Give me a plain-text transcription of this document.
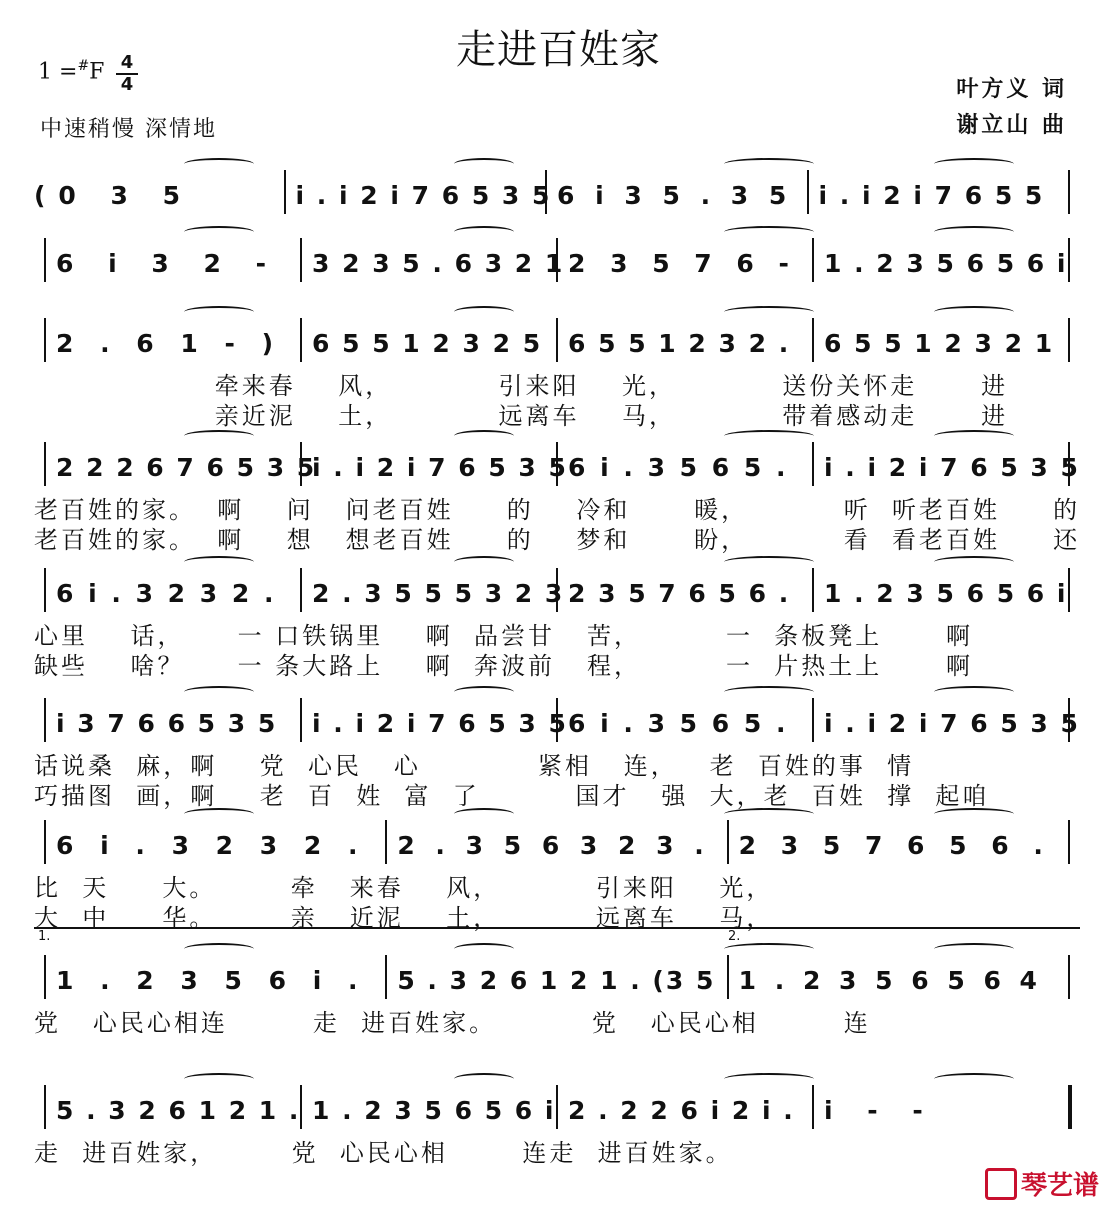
走进百姓家
1 =#F 4
4
中速稍慢 深情地
叶方义 词
谢立山 曲
(0 3 5	i . i 2 i 7 6 5 3 5 6 i 3 5 . 3 5 i . i 2 i 7 6 5 5
6 i 3 2 - 3 2 3 5 . 6 3 2 1 2 3 5 7 6 - 1 . 2 3 5 6 5 6 i
2 . 6 1 - ) 6 5 5 1 2 3 2 5 6 5 5 1 2 3 2 . 6 5 5 1 2 3 2 1
牵来春    风，          引来阳    光，          送份关怀走      进
亲近泥    土，          远离车    马，          带着感动走      进
2 2 2 6 7 6 5 3 5i . i 2 i 7 6 5 3 56 i . 3 5 6 5 . i . i 2 i 7 6 5 3 5
老百姓的家。  啊    问   问老百姓     的    冷和      暖，         听  听老百姓     的
老百姓的家。  啊    想   想老百姓     的    梦和      盼，         看  看老百姓     还
6 i . 3 2 3 2 . 2 . 3 5 5 5 3 2 3 2 3 5 7 6 5 6 . 1 . 2 3 5 6 5 6 i
心里    话，     一 口铁锅里    啊  品尝甘   苦，        一  条板凳上      啊
缺些    啥？     一 条大路上    啊  奔波前   程，        一  片热土上      啊
i 3 7 6 6 5 3 5 i . i 2 i 7 6 5 3 56 i . 3 5 6 5 . i . i 2 i 7 6 5 3 5
话说桑  麻，啊    党  心民   心           紧相   连，   老  百姓的事  情
巧描图  画，啊    老  百  姓  富  了         国才   强  大，老  百姓  撑  起咱
6 i . 3 2 3 2 . 2 . 3 5 6 3 2 3 . 2 3 5 7 6 5 6 .
比  天     大。       牵   来春    风，         引来阳    光，
大  中     华。       亲   近泥    土，         远离车    马，
1 . 2 3 5 6 i . 5 . 3 2 6 1 2 1 . (3 5 1 . 2 3 5 6 5 6 4
党   心民心相连        走  进百姓家。         党   心民心相        连
1.	2.
5 . 3 2 6 1 2 1 . 1 . 2 3 5 6 5 6 i 2 . 2 2 6 i 2 i . i - -
走  进百姓家，       党  心民心相       连走  进百姓家。
琴艺谱
